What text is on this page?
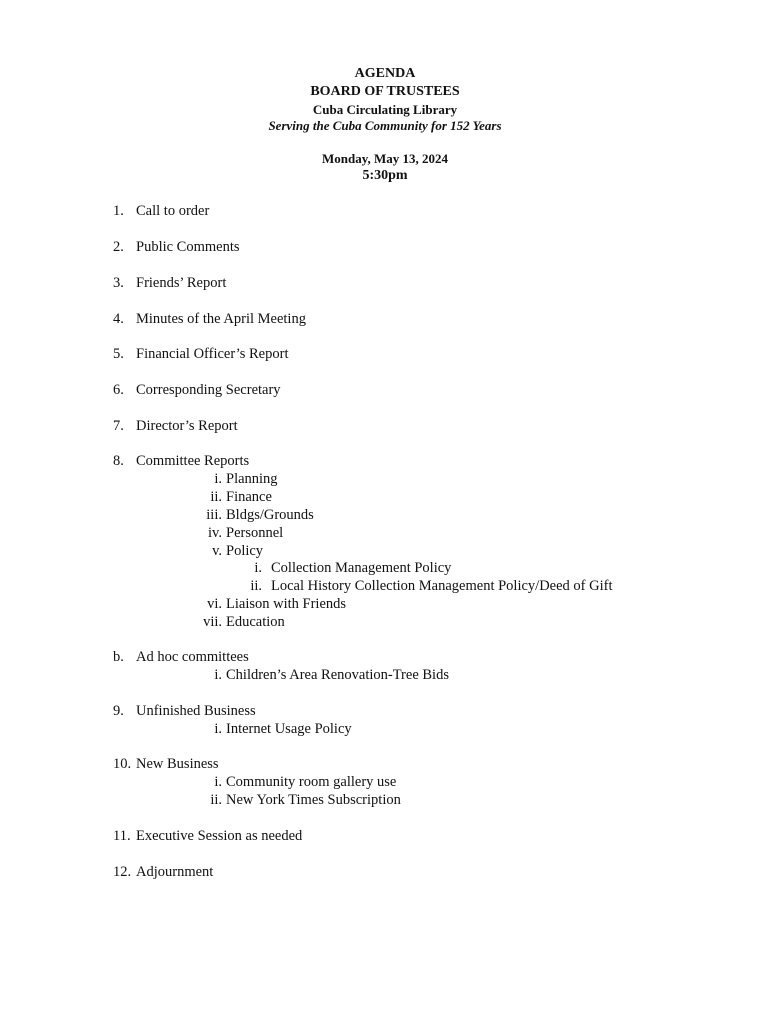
AGENDA
BOARD OF TRUSTEES
Cuba Circulating Library
Serving the Cuba Community for 152 Years
Monday, May 13, 2024
5:30pm
1. Call to order
2. Public Comments
3. Friends’ Report
4. Minutes of the April Meeting
5. Financial Officer’s Report
6. Corresponding Secretary
7. Director’s Report
8. Committee Reports
i. Planning
ii. Finance
iii. Bldgs/Grounds
iv. Personnel
v. Policy
i. Collection Management Policy
ii. Local History Collection Management Policy/Deed of Gift
vi. Liaison with Friends
vii. Education
b. Ad hoc committees
i. Children’s Area Renovation-Tree Bids
9. Unfinished Business
i. Internet Usage Policy
10. New Business
i. Community room gallery use
ii. New York Times Subscription
11. Executive Session as needed
12. Adjournment
